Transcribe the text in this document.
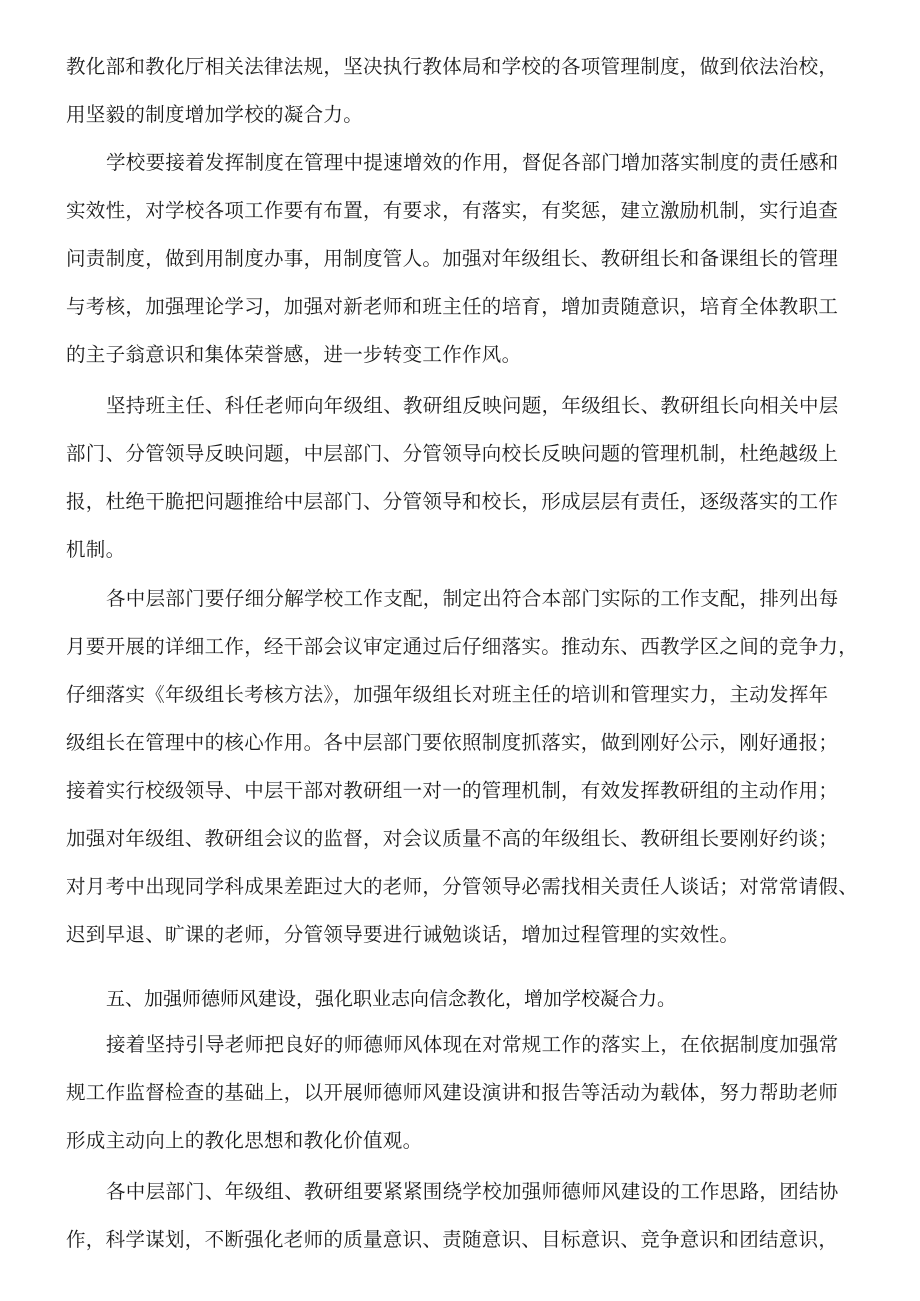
教化部和教化厅相关法律法规，坚决执行教体局和学校的各项管理制度，做到依法治校，
用坚毅的制度增加学校的凝合力。
学校要接着发挥制度在管理中提速增效的作用，督促各部门增加落实制度的责任感和
实效性，对学校各项工作要有布置，有要求，有落实，有奖惩，建立激励机制，实行追查
问责制度，做到用制度办事，用制度管人。加强对年级组长、教研组长和备课组长的管理
与考核，加强理论学习，加强对新老师和班主任的培育，增加责随意识，培育全体教职工
的主子翁意识和集体荣誉感，进一步转变工作作风。
坚持班主任、科任老师向年级组、教研组反映问题，年级组长、教研组长向相关中层
部门、分管领导反映问题，中层部门、分管领导向校长反映问题的管理机制，杜绝越级上
报，杜绝干脆把问题推给中层部门、分管领导和校长，形成层层有责任，逐级落实的工作
机制。
各中层部门要仔细分解学校工作支配，制定出符合本部门实际的工作支配，排列出每
月要开展的详细工作，经干部会议审定通过后仔细落实。推动东、西教学区之间的竞争力，
仔细落实《年级组长考核方法》，加强年级组长对班主任的培训和管理实力，主动发挥年
级组长在管理中的核心作用。各中层部门要依照制度抓落实，做到刚好公示，刚好通报；
接着实行校级领导、中层干部对教研组一对一的管理机制，有效发挥教研组的主动作用；
加强对年级组、教研组会议的监督，对会议质量不高的年级组长、教研组长要刚好约谈；
对月考中出现同学科成果差距过大的老师，分管领导必需找相关责任人谈话；对常常请假、
迟到早退、旷课的老师，分管领导要进行诫勉谈话，增加过程管理的实效性。
五、加强师德师风建设，强化职业志向信念教化，增加学校凝合力。
接着坚持引导老师把良好的师德师风体现在对常规工作的落实上，在依据制度加强常
规工作监督检查的基础上，以开展师德师风建设演讲和报告等活动为载体，努力帮助老师
形成主动向上的教化思想和教化价值观。
各中层部门、年级组、教研组要紧紧围绕学校加强师德师风建设的工作思路，团结协
作，科学谋划，不断强化老师的质量意识、责随意识、目标意识、竞争意识和团结意识，
